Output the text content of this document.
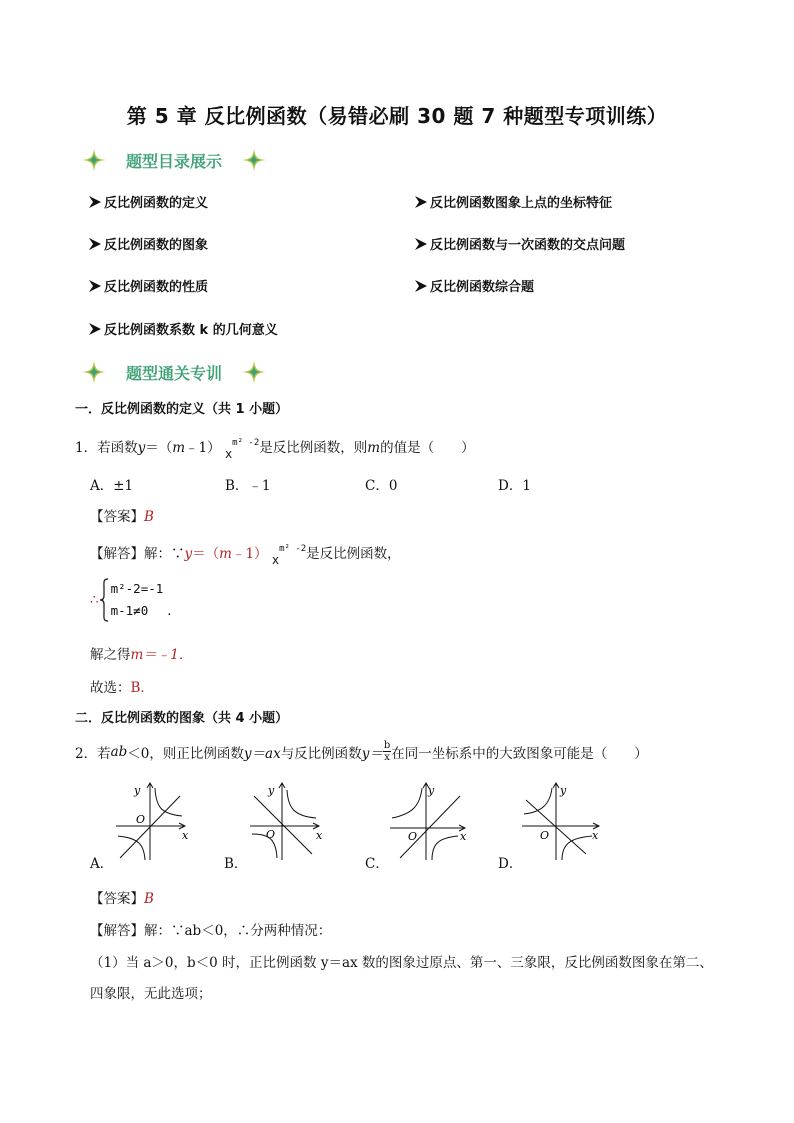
第 5 章 反比例函数（易错必刷 30 题 7 种题型专项训练）
题型目录展示
反比例函数的定义
反比例函数的图象
反比例函数的性质
反比例函数系数 k 的几何意义
反比例函数图象上点的坐标特征
反比例函数与一次函数的交点问题
反比例函数综合题
题型通关专训
一．反比例函数的定义（共 1 小题）
1．若函数y＝（m﹣1） $x^{m^2 -2}$是反比例函数，则m的值是（　　）
A．±1	B．﹣1	C．0	D．1
【答案】B
【解答】解：∵y＝（m﹣1） $x^{m^2 -2}$是反比例函数，
∴
m²-2=-1
m-1≠0	．
解之得m＝﹣1．
故选：B．
二．反比例函数的图象（共 4 小题）
2．若 ab ＜0，则正比例函数 y＝ax 与反比例函数 $y= \frac{b}{x}$ 在同一坐标系中的大致图象可能是（　　）
y
x
O
A．
y
x
O
B．
y
x
O
C．
y
x
O
D．
【答案】B
【解答】解：∵ab＜0，∴分两种情况：
（1）当 a＞0，b＜0 时，正比例函数 y＝ax 数的图象过原点、第一、三象限，反比例函数图象在第二、
四象限，无此选项；
